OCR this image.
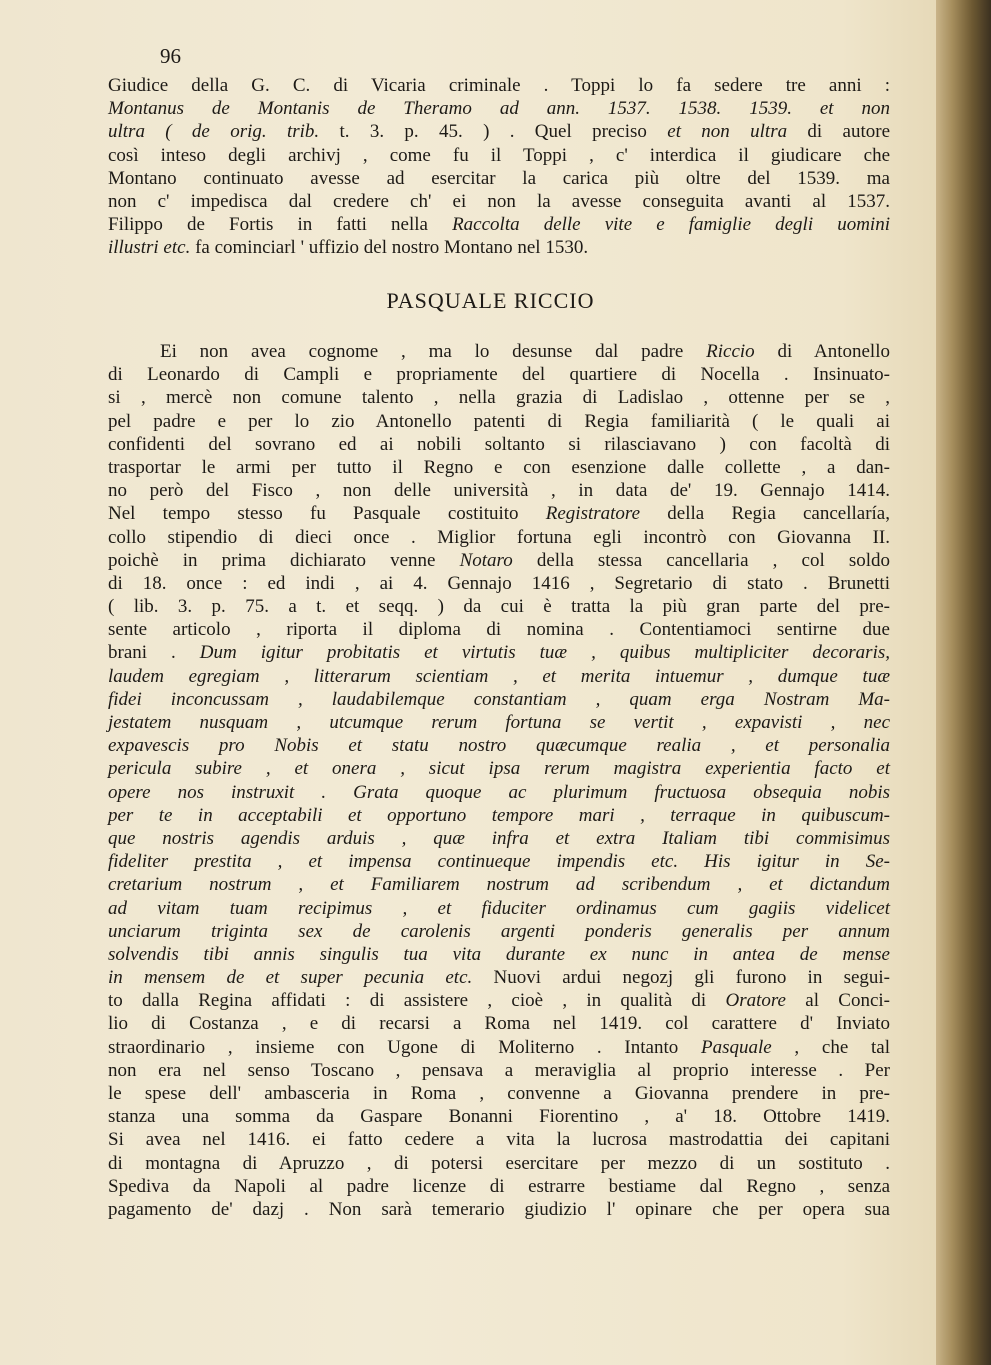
96
Giudice della G. C. di Vicaria criminale . Toppi lo fa sedere tre anni :
Montanus de Montanis de Theramo ad ann. 1537. 1538. 1539. et non
ultra ( de orig. trib. t. 3. p. 45. ) . Quel preciso et non ultra di autore
così inteso degli archivj , come fu il Toppi , c' interdica il giudicare che
Montano continuato avesse ad esercitar la carica più oltre del 1539. ma
non c' impedisca dal credere ch' ei non la avesse conseguita avanti al 1537.
Filippo de Fortis in fatti nella Raccolta delle vite e famiglie degli uomini
illustri etc. fa cominciarl ' uffizio del nostro Montano nel 1530.
PASQUALE RICCIO
Ei non avea cognome , ma lo desunse dal padre Riccio di Antonello
di Leonardo di Campli e propriamente del quartiere di Nocella . Insinuato-
si , mercè non comune talento , nella grazia di Ladislao , ottenne per se ,
pel padre e per lo zio Antonello patenti di Regia familiarità ( le quali ai
confidenti del sovrano ed ai nobili soltanto si rilasciavano ) con facoltà di
trasportar le armi per tutto il Regno e con esenzione dalle collette , a dan-
no però del Fisco , non delle università , in data de' 19. Gennajo 1414.
Nel tempo stesso fu Pasquale costituito Registratore della Regia cancellaría,
collo stipendio di dieci once . Miglior fortuna egli incontrò con Giovanna II.
poichè in prima dichiarato venne Notaro della stessa cancellaria , col soldo
di 18. once : ed indi , ai 4. Gennajo 1416 , Segretario di stato . Brunetti
( lib. 3. p. 75. a t. et seqq. ) da cui è tratta la più gran parte del pre-
sente articolo , riporta il diploma di nomina . Contentiamoci sentirne due
brani . Dum igitur probitatis et virtutis tuæ , quibus multipliciter decoraris,
laudem egregiam , litterarum scientiam , et merita intuemur , dumque tuæ
fidei inconcussam , laudabilemque constantiam , quam erga Nostram Ma-
jestatem nusquam , utcumque rerum fortuna se vertit , expavisti , nec
expavescis pro Nobis et statu nostro quæcumque realia , et personalia
pericula subire , et onera , sicut ipsa rerum magistra experientia facto et
opere nos instruxit . Grata quoque ac plurimum fructuosa obsequia nobis
per te in acceptabili et opportuno tempore mari , terraque in quibuscum-
que nostris agendis arduis , quæ infra et extra Italiam tibi commisimus
fideliter prestita , et impensa continueque impendis etc. His igitur in Se-
cretarium nostrum , et Familiarem nostrum ad scribendum , et dictandum
ad vitam tuam recipimus , et fiduciter ordinamus cum gagiis videlicet
unciarum triginta sex de carolenis argenti ponderis generalis per annum
solvendis tibi annis singulis tua vita durante ex nunc in antea de mense
in mensem de et super pecunia etc. Nuovi ardui negozj gli furono in segui-
to dalla Regina affidati : di assistere , cioè , in qualità di Oratore al Conci-
lio di Costanza , e di recarsi a Roma nel 1419. col carattere d' Inviato
straordinario , insieme con Ugone di Moliterno . Intanto Pasquale , che tal
non era nel senso Toscano , pensava a meraviglia al proprio interesse . Per
le spese dell' ambasceria in Roma , convenne a Giovanna prendere in pre-
stanza una somma da Gaspare Bonanni Fiorentino , a' 18. Ottobre 1419.
Si avea nel 1416. ei fatto cedere a vita la lucrosa mastrodattia dei capitani
di montagna di Apruzzo , di potersi esercitare per mezzo di un sostituto .
Spediva da Napoli al padre licenze di estrarre bestiame dal Regno , senza
pagamento de' dazj . Non sarà temerario giudizio l' opinare che per opera sua
